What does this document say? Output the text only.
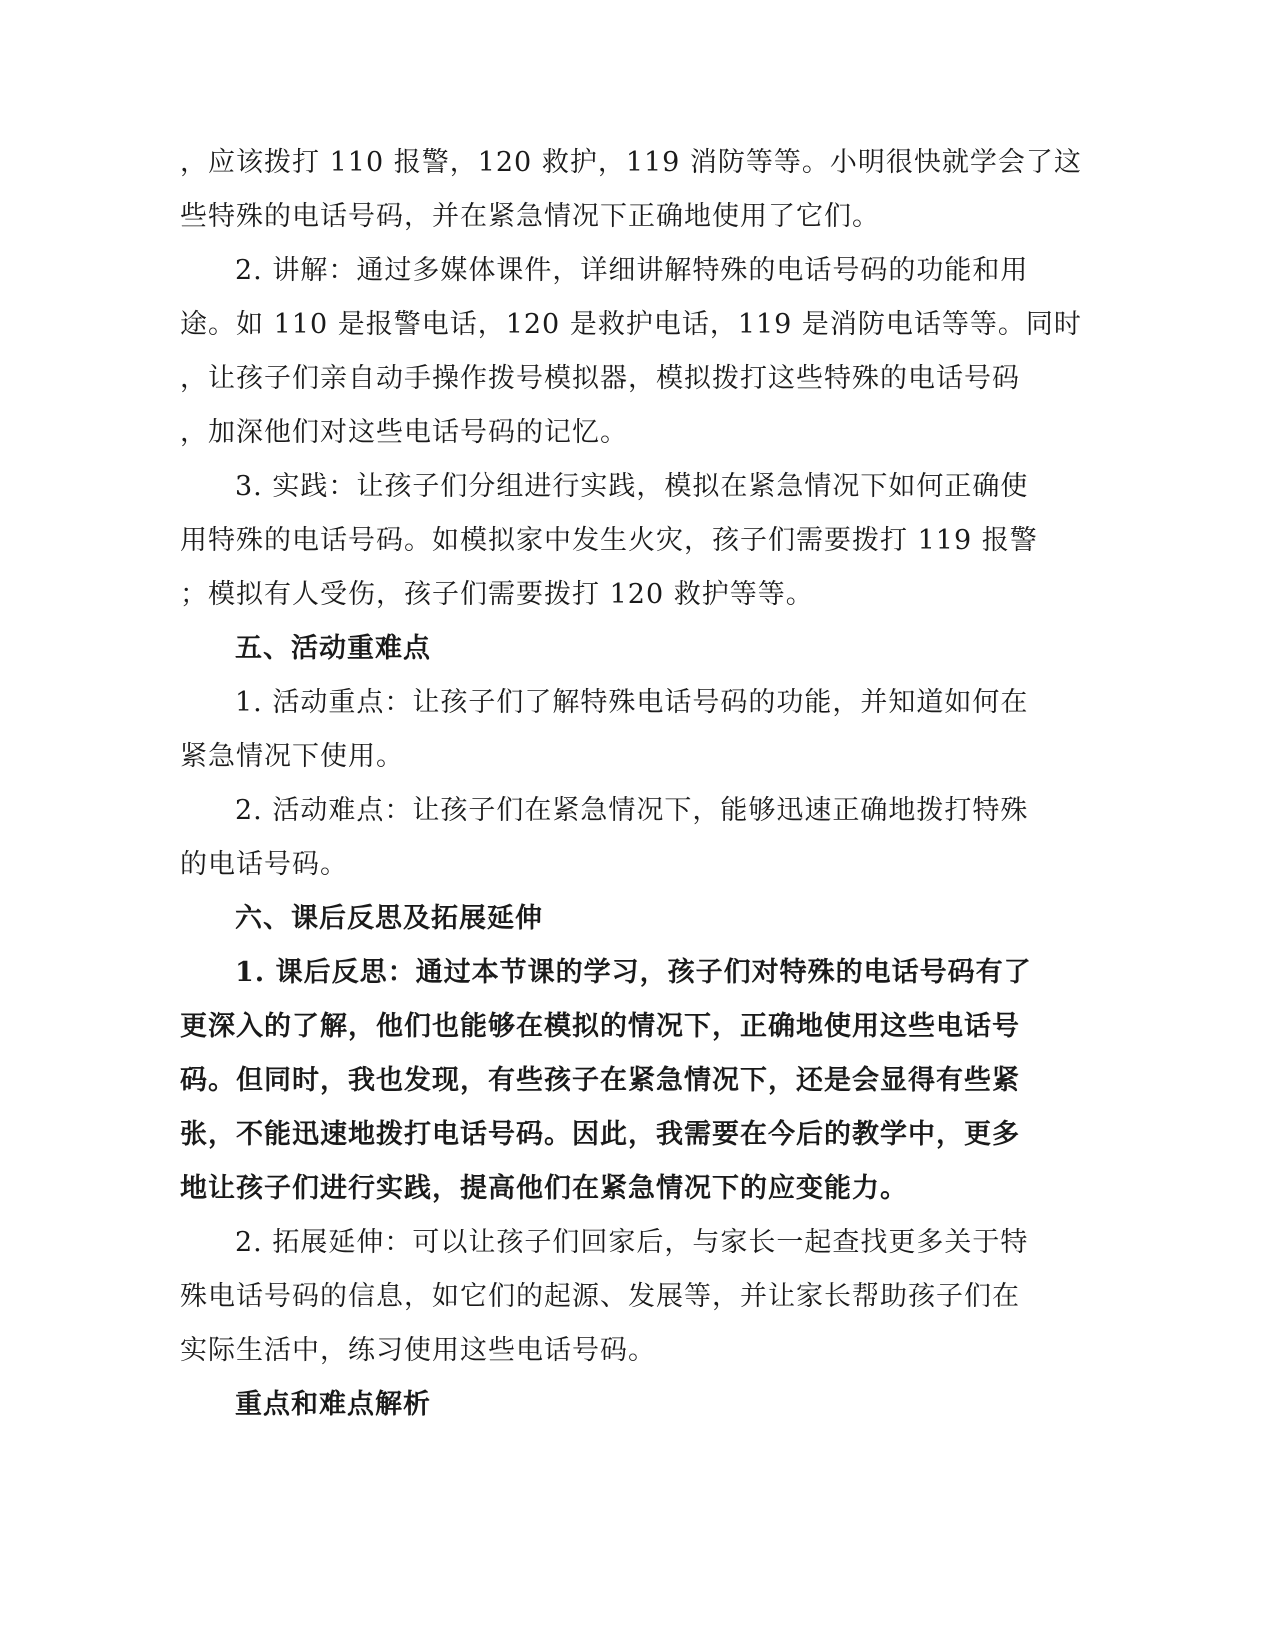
，应该拨打 110 报警，120 救护，119 消防等等。小明很快就学会了这
些特殊的电话号码，并在紧急情况下正确地使用了它们。
2. 讲解：通过多媒体课件，详细讲解特殊的电话号码的功能和用
途。如 110 是报警电话，120 是救护电话，119 是消防电话等等。同时
，让孩子们亲自动手操作拨号模拟器，模拟拨打这些特殊的电话号码
，加深他们对这些电话号码的记忆。
3. 实践：让孩子们分组进行实践，模拟在紧急情况下如何正确使
用特殊的电话号码。如模拟家中发生火灾，孩子们需要拨打 119 报警
；模拟有人受伤，孩子们需要拨打 120 救护等等。
五、活动重难点
1. 活动重点：让孩子们了解特殊电话号码的功能，并知道如何在
紧急情况下使用。
2. 活动难点：让孩子们在紧急情况下，能够迅速正确地拨打特殊
的电话号码。
六、课后反思及拓展延伸
1. 课后反思：通过本节课的学习，孩子们对特殊的电话号码有了
更深入的了解，他们也能够在模拟的情况下，正确地使用这些电话号
码。但同时，我也发现，有些孩子在紧急情况下，还是会显得有些紧
张，不能迅速地拨打电话号码。因此，我需要在今后的教学中，更多
地让孩子们进行实践，提高他们在紧急情况下的应变能力。
2. 拓展延伸：可以让孩子们回家后，与家长一起查找更多关于特
殊电话号码的信息，如它们的起源、发展等，并让家长帮助孩子们在
实际生活中，练习使用这些电话号码。
重点和难点解析
